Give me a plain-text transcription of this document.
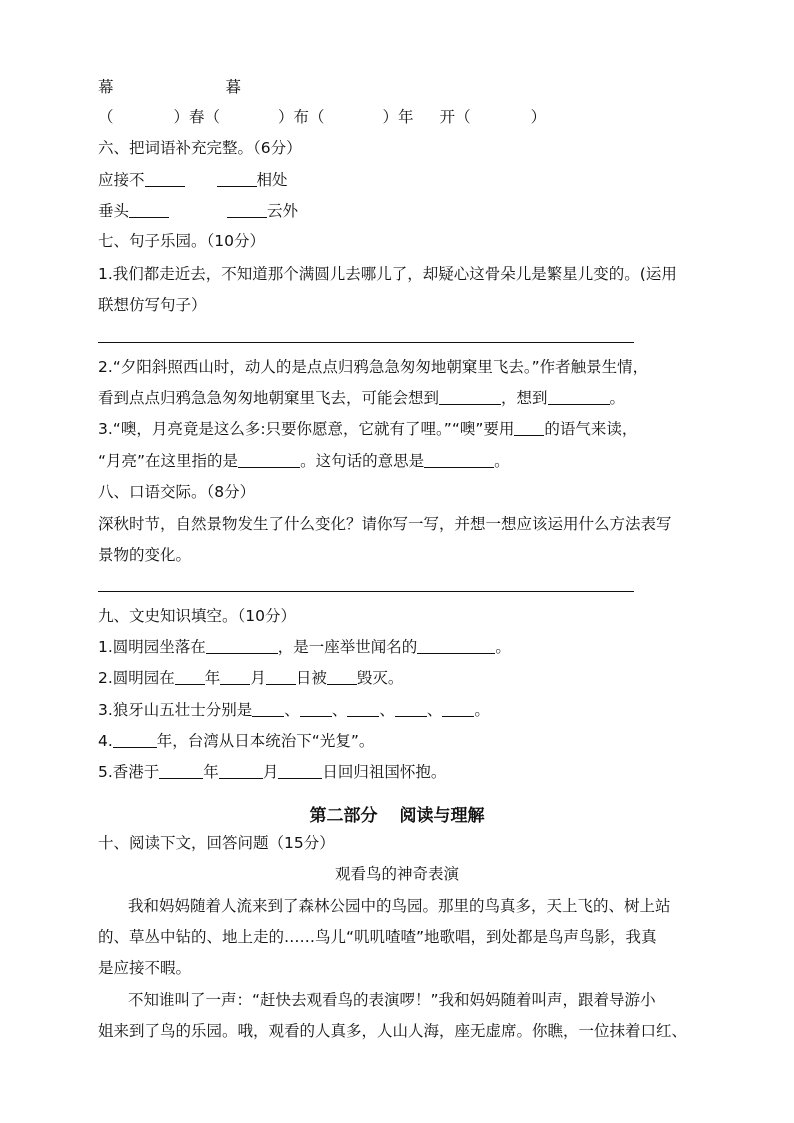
幕	暮
（	）春（	）布（	）年 开（	）
六、把词语补充完整。（6分）
应接不	相处
垂头	云外
七、句子乐园。（10分）
1.我们都走近去，不知道那个满圆儿去哪儿了，却疑心这骨朵儿是繁星儿变的。(运用
联想仿写句子）
2.“夕阳斜照西山时，动人的是点点归鸦急急匆匆地朝窠里飞去。”作者触景生情，
看到点点归鸦急急匆匆地朝窠里飞去，可能会想到	，想到	。
3.“噢，月亮竟是这么多:只要你愿意，它就有了哩。”“噢”要用 的语气来读，
“月亮”在这里指的是	。这句话的意思是	。
八、口语交际。（8分）
深秋时节，自然景物发生了什么变化？请你写一写，并想一想应该运用什么方法表写
景物的变化。
九、文史知识填空。（10分）
1.圆明园坐落在	，是一座举世闻名的	。
2.圆明园在 年 月 日被 毁灭。
3.狼牙山五壮士分别是 、 、 、 、 。
4.	年，台湾从日本统治下“光复”。
5.香港于	年	月	日回归祖国怀抱。
第二部分 阅读与理解
十、阅读下文，回答问题（15分）
观看鸟的神奇表演
我和妈妈随着人流来到了森林公园中的鸟园。那里的鸟真多，天上飞的、树上站
的、草丛中钻的、地上走的……鸟儿“叽叽喳喳”地歌唱，到处都是鸟声鸟影，我真
是应接不暇。
不知谁叫了一声：“赶快去观看鸟的表演啰！”我和妈妈随着叫声，跟着导游小
姐来到了鸟的乐园。哦，观看的人真多，人山人海，座无虚席。你瞧，一位抹着口红、
